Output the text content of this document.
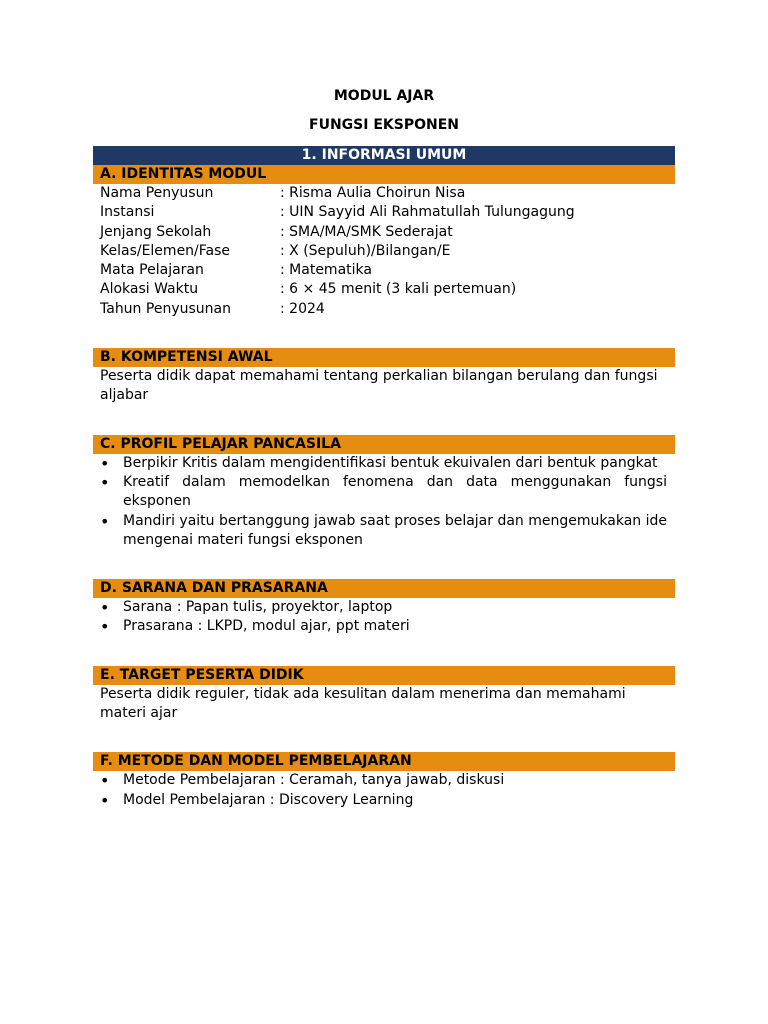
MODUL AJAR
FUNGSI EKSPONEN
1. INFORMASI UMUM
A. IDENTITAS MODUL
Nama Penyusun	: Risma Aulia Choirun Nisa
Instansi	: UIN Sayyid Ali Rahmatullah Tulungagung
Jenjang Sekolah	: SMA/MA/SMK Sederajat
Kelas/Elemen/Fase	: X (Sepuluh)/Bilangan/E
Mata Pelajaran	: Matematika
Alokasi Waktu	: 6 × 45 menit (3 kali pertemuan)
Tahun Penyusunan	: 2024
B. KOMPETENSI AWAL
Peserta didik dapat memahami tentang perkalian bilangan berulang dan fungsi aljabar
C. PROFIL PELAJAR PANCASILA
• Berpikir Kritis dalam mengidentifikasi bentuk ekuivalen dari bentuk pangkat
• Kreatif dalam memodelkan fenomena dan data menggunakan fungsi eksponen
• Mandiri yaitu bertanggung jawab saat proses belajar dan mengemukakan ide mengenai materi fungsi eksponen
D. SARANA DAN PRASARANA
• Sarana : Papan tulis, proyektor, laptop
• Prasarana : LKPD, modul ajar, ppt materi
E. TARGET PESERTA DIDIK
Peserta didik reguler, tidak ada kesulitan dalam menerima dan memahami materi ajar
F. METODE DAN MODEL PEMBELAJARAN
• Metode Pembelajaran : Ceramah, tanya jawab, diskusi
• Model Pembelajaran : Discovery Learning
